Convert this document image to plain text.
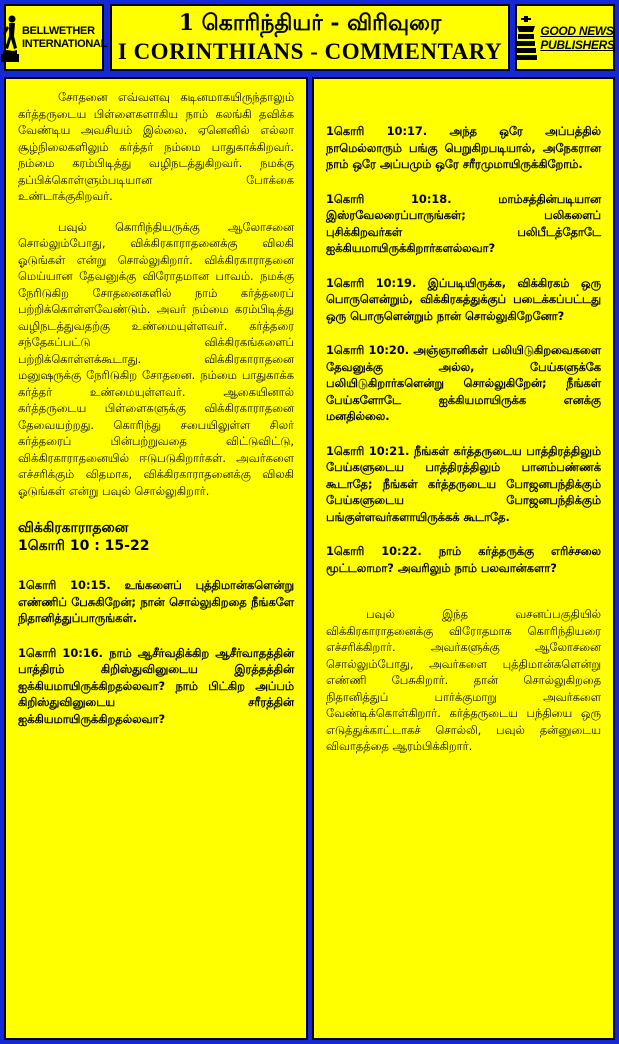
BELLWETHER
INTERNATIONAL
1 கொரிந்தியர் - விரிவுரை
I CORINTHIANS - COMMENTARY
GOOD NEWS
PUBLISHERS

சோதனை எவ்வளவு கடினமாகயிருந்தாலும் கர்த்தருடைய பிள்ளைகளாகிய நாம் கலங்கி தவிக்க வேண்டிய அவசியம் இல்லை. ஏனெனில் எல்லா சூழ்நிலைகளிலும் கர்த்தர் நம்மை பாதுகாக்கிறவர். நம்மை கரம்பிடித்து வழிநடத்துகிறவர். நமக்கு தப்பிக்கொள்ளும்படியான போக்கை உண்டாக்குகிறவர்.

பவுல் கொரிந்தியருக்கு ஆலோசனை சொல்லும்போது, விக்கிரகாராதனைக்கு விலகி ஓடுங்கள் என்று சொல்லுகிறார். விக்கிரகாராதனை மெய்யான தேவனுக்கு விரோதமான பாவம். நமக்கு நேரிடுகிற சோதனைகளில் நாம் கர்த்தரைப் பற்றிக்கொள்ளவேண்டும். அவர் நம்மை கரம்பிடித்து வழிநடத்துவதற்கு உண்மையுள்ளவர். கர்த்தரை சந்தேகப்பட்டு விக்கிரகங்களைப் பற்றிக்கொள்ளக்கூடாது. விக்கிரகாராதனை மனுஷருக்கு நேரிடுகிற சோதனை. நம்மை பாதுகாக்க கர்த்தர் உண்மையுள்ளவர். ஆகையினால் கர்த்தருடைய பிள்ளைகளுக்கு விக்கிரகாராதனை தேவையற்றது. கொரிந்து சபையிலுள்ள சிலர் கர்த்தரைப் பின்பற்றுவதை விட்டுவிட்டு, விக்கிரகாராதனையில் ஈடுபடுகிறார்கள். அவர்களை எச்சரிக்கும் விதமாக, விக்கிரகாராதனைக்கு விலகி ஓடுங்கள் என்று பவுல் சொல்லுகிறார்.

விக்கிரகாராதனை
1கொரி 10 : 15-22

1கொரி 10:15. உங்களைப் புத்திமான்களென்று எண்ணிப் பேசுகிறேன்; நான் சொல்லுகிறதை நீங்களே நிதானித்துப்பாருங்கள்.

1கொரி 10:16. நாம் ஆசீர்வதிக்கிற ஆசீர்வாதத்தின் பாத்திரம் கிறிஸ்துவினுடைய இரத்தத்தின் ஐக்கியமாயிருக்கிறதல்லவா? நாம் பிட்கிற அப்பம் கிறிஸ்துவினுடைய சரீரத்தின் ஐக்கியமாயிருக்கிறதல்லவா?

1கொரி 10:17. அந்த ஒரே அப்பத்தில் நாமெல்லாரும் பங்கு பெறுகிறபடியால், அநேகரான நாம் ஒரே அப்பமும் ஒரே சரீரமுமாயிருக்கிறோம்.

1கொரி 10:18. மாம்சத்தின்படியான இஸ்ரவேலரைப்பாருங்கள்; பலிகளைப் புசிக்கிறவர்கள் பலிபீடத்தோடே ஐக்கியமாயிருக்கிறார்களல்லவா?

1கொரி 10:19. இப்படியிருக்க, விக்கிரகம் ஒரு பொருளென்றும், விக்கிரகத்துக்குப் படைக்கப்பட்டது ஒரு பொருளென்றும் நான் சொல்லுகிறேனோ?

1கொரி 10:20. அஞ்ஞானிகள் பலியிடுகிறவைகளை தேவனுக்கு அல்ல, பேய்களுக்கே பலியிடுகிறார்களென்று சொல்லுகிறேன்; நீங்கள் பேய்களோடே ஐக்கியமாயிருக்க எனக்கு மனதில்லை.

1கொரி 10:21. நீங்கள் கர்த்தருடைய பாத்திரத்திலும் பேய்களுடைய பாத்திரத்திலும் பானம்பண்ணக் கூடாதே; நீங்கள் கர்த்தருடைய போஜனபந்திக்கும் பேய்களுடைய போஜனபந்திக்கும் பங்குள்ளவர்களாயிருக்கக் கூடாதே.

1கொரி 10:22. நாம் கர்த்தருக்கு எரிச்சலை மூட்டலாமா? அவரிலும் நாம் பலவான்களா?

பவுல் இந்த வசனப்பகுதியில் விக்கிரகாராதனைக்கு விரோதமாக கொரிந்தியரை எச்சரிக்கிறார். அவர்களுக்கு ஆலோசனை சொல்லும்போது, அவர்களை புத்திமான்களென்று எண்ணி பேசுகிறார். தான் சொல்லுகிறதை நிதானித்துப் பார்க்குமாறு அவர்களை வேண்டிக்கொள்கிறார். கர்த்தருடைய பந்தியை ஒரு எடுத்துக்காட்டாகச் சொல்லி, பவுல் தன்னுடைய விவாதத்தை ஆரம்பிக்கிறார்.
